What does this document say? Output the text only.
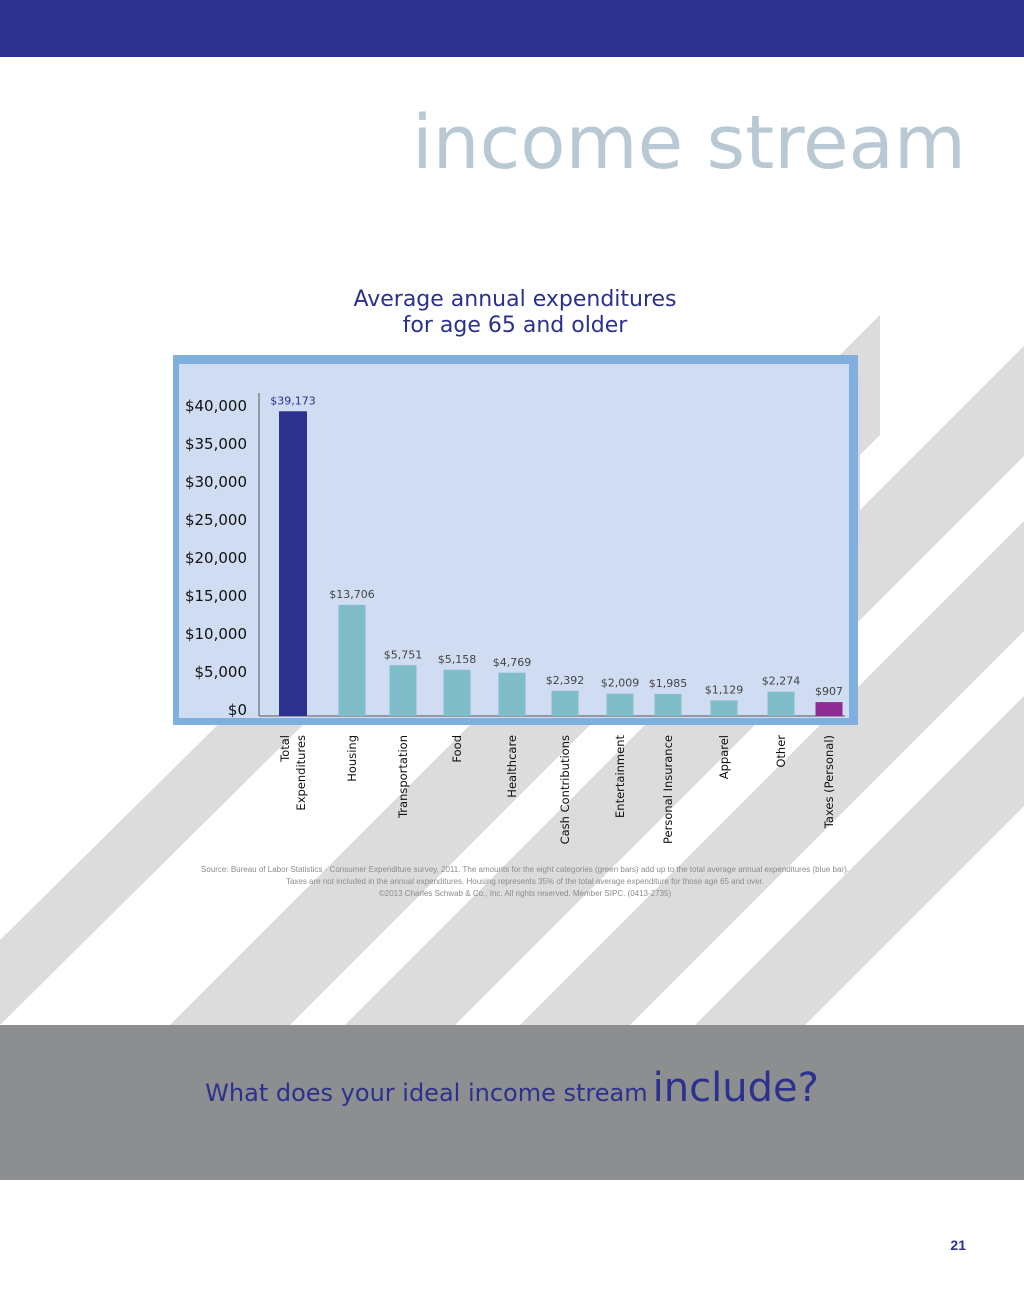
income stream
Average annual expenditures
for age 65 and older
$40,000
$35,000
$30,000
$25,000
$20,000
$15,000
$10,000
$5,000
$0
$39,173
Total Expenditures
$13,706
Housing
$5,751
Transportation
$5,158
Food
$4,769
Healthcare
$2,392
Cash Contributions
$2,009
Entertainment
$1,985
Personal Insurance
$1,129
Apparel
$2,274
Other
$907
Taxes (Personal)
Source: Bureau of Labor Statistics - Consumer Expenditure survey, 2011. The amounts for the eight categories (green bars) add up to the total average annual expenditures (blue bar).
Taxes are not included in the annual expenditures. Housing represents 35% of the total average expenditure for those age 65 and over.
©2013 Charles Schwab & Co., Inc. All rights reserved. Member SIPC. (0413-2735)
What does your ideal income stream include?
21
